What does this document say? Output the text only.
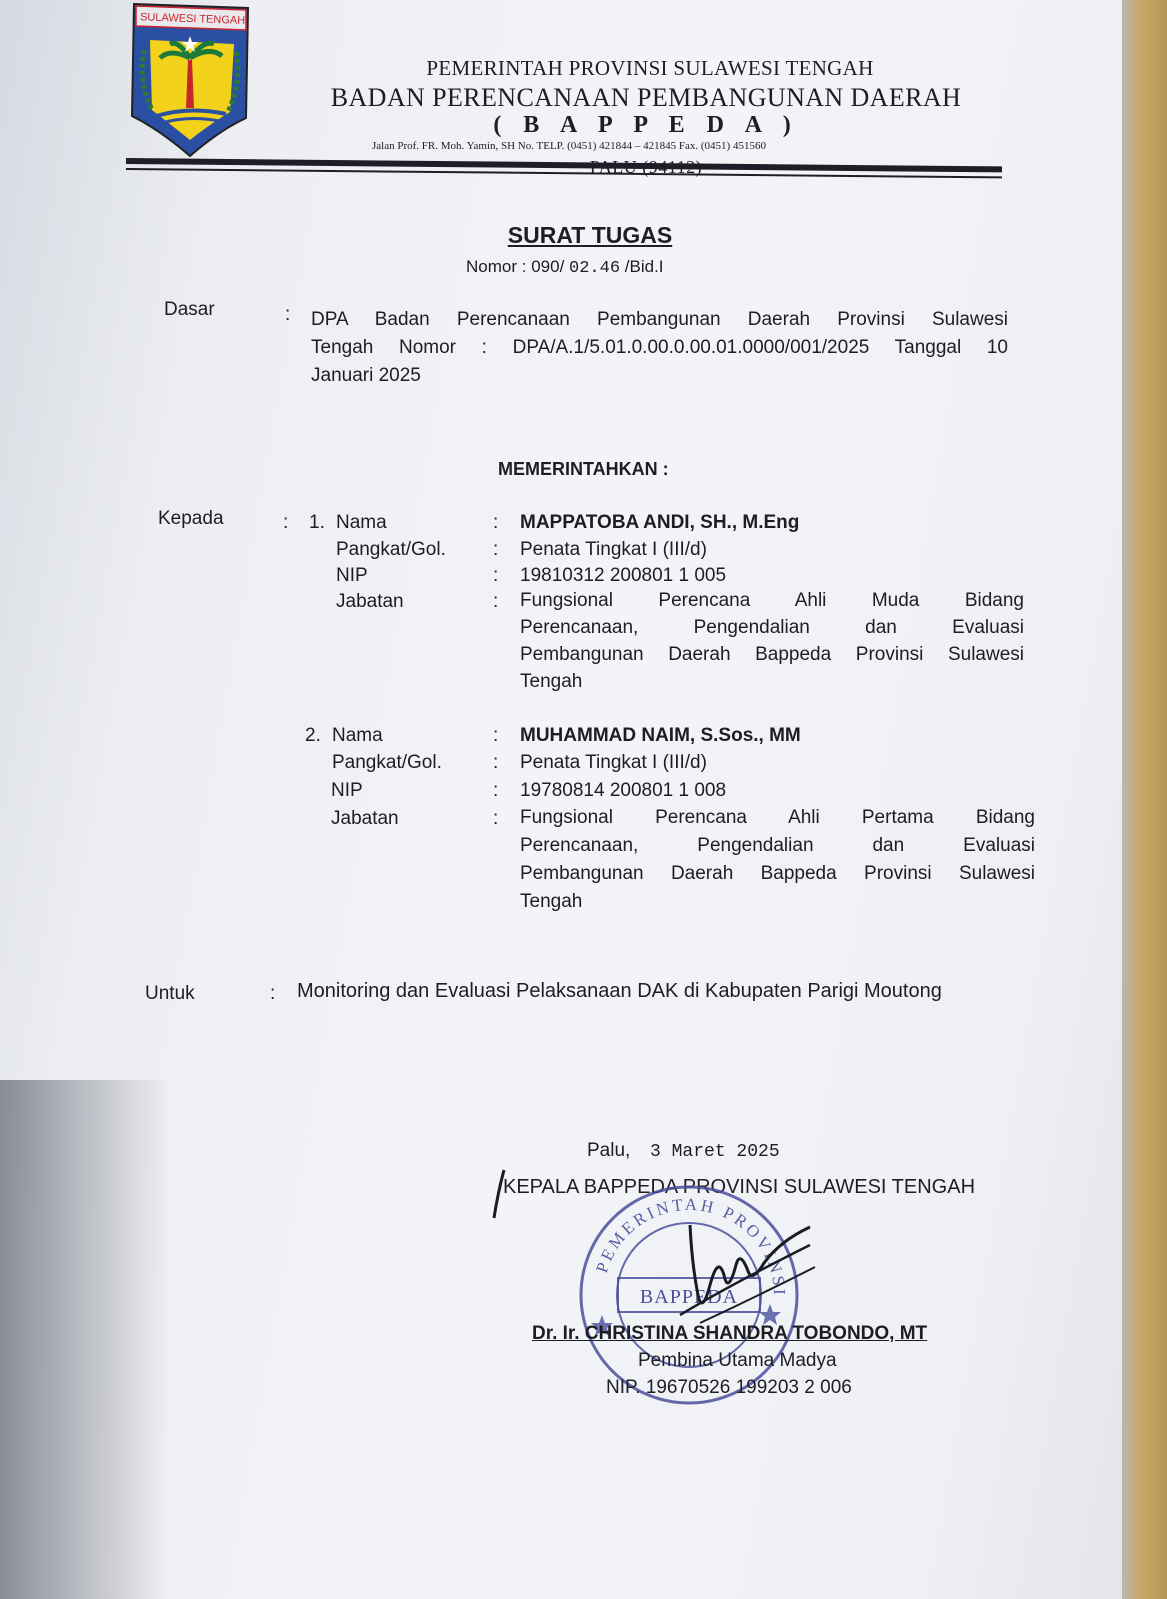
SULAWESI TENGAH
PEMERINTAH PROVINSI SULAWESI TENGAH
BADAN PERENCANAAN PEMBANGUNAN DAERAH
( B A P P E D A )
Jalan Prof. FR. Moh. Yamin, SH No. TELP. (0451) 421844 – 421845 Fax. (0451) 451560
SURAT TUGAS
Nomor : 090/ 02.46 /Bid.I
Dasar	: DPA Badan Perencanaan Pembangunan Daerah Provinsi Sulawesi
Tengah Nomor : DPA/A.1/5.01.0.00.0.00.01.0000/001/2025 Tanggal 10
Januari 2025
MEMERINTAHKAN :
Kepada	: 1. Nama	: MAPPATOBA ANDI, SH., M.Eng
Pangkat/Gol. : Penata Tingkat I (III/d)
NIP	: 19810312 200801 1 005
Jabatan	: Fungsional Perencana Ahli Muda Bidang
Perencanaan, Pengendalian dan Evaluasi
Pembangunan Daerah Bappeda Provinsi Sulawesi
Tengah
2. Nama	: MUHAMMAD NAIM, S.Sos., MM
Pangkat/Gol.	: Penata Tingkat I (III/d)
NIP	: 19780814 200801 1 008
Jabatan	: Fungsional Perencana Ahli Pertama Bidang
Perencanaan, Pengendalian dan Evaluasi
Pembangunan Daerah Bappeda Provinsi Sulawesi
Tengah
Untuk	: Monitoring dan Evaluasi Pelaksanaan DAK di Kabupaten Parigi Moutong
Palu, 3 Maret 2025
KEPALA BAPPEDA PROVINSI SULAWESI TENGAH
PEMERINTAH PROVINSI
BAPPEDA
Dr. Ir. CHRISTINA SHANDRA TOBONDO, MT
Pembina Utama Madya
NIP. 19670526 199203 2 006
